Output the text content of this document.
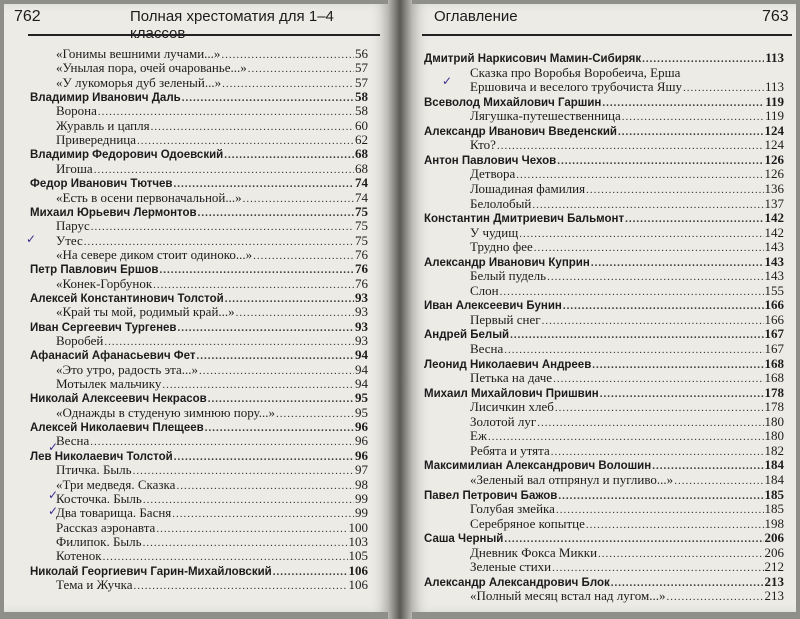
762	Полная хрестоматия для 1–4
«Гонимы вешними лучами...» .....	56
«Унылая пора, очей очарованье...» .....	57
«У лукоморья дуб зеленый...» .....	57
Владимир Иванович Даль .....	58
Ворона .....	58
Журавль и цапля .....	60
Привередница .....	62
Владимир Федорович Одоевский .....	68
Игоша .....	68
Федор Иванович Тютчев .....	74
«Есть в осени первоначальной...» .....	74
Михаил Юрьевич Лермонтов .....	75
Парус .....	75
Утес .....	75
«На севере диком стоит одиноко...» .....	76
Петр Павлович Ершов .....	76
«Конек-Горбунок .....	76
Алексей Константинович Толстой .....	93
«Край ты мой, родимый край...» .....	93
Иван Сергеевич Тургенев .....	93
Воробей .....	93
Афанасий Афанасьевич Фет .....	94
«Это утро, радость эта...» .....	94
Мотылек мальчику .....	94
Николай Алексеевич Некрасов .....	95
«Однажды в студеную зимнюю пору...» .....	95
Алексей Николаевич Плещеев .....	96
Весна .....	96
Лев Николаевич Толстой .....	96
Птичка. Быль .....	97
«Три медведя. Сказка .....	98
Косточка. Быль .....	99
Два товарища. Басня .....	99
Рассказ аэронавта .....	100
Филипок. Быль .....	103
Котенок .....	105
Николай Георгиевич Гарин-Михайловский .....	106
Тема и Жучка .....	106
✓
✓
✓
✓
Оглавление	763
Дмитрий Наркисович Мамин-Сибиряк .....	113
Сказка про Воробья Воробеича, Ерша
Ершовича и веселого трубочиста Яшу .....	113
Всеволод Михайлович Гаршин .....	119
Лягушка-путешественница .....	119
Александр Иванович Введенский .....	124
Кто? .....	124
Антон Павлович Чехов .....	126
Детвора .....	126
Лошадиная фамилия .....	136
Белолобый .....	137
Константин Дмитриевич Бальмонт .....	142
У чудищ .....	142
Трудно фее .....	143
Александр Иванович Куприн .....	143
Белый пудель .....	143
Слон .....	155
Иван Алексеевич Бунин .....	166
Первый снег .....	166
Андрей Белый .....	167
Весна .....	167
Леонид Николаевич Андреев .....	168
Петька на даче .....	168
Михаил Михайлович Пришвин .....	178
Лисичкин хлеб .....	178
Золотой луг .....	180
Еж .....	180
Ребята и утята .....	182
Максимилиан Александрович Волошин .....	184
«Зеленый вал отпрянул и пугливо...» .....	184
Павел Петрович Бажов .....	185
Голубая змейка .....	185
Серебряное копытце .....	198
Саша Черный .....	206
Дневник Фокса Микки .....	206
Зеленые стихи .....	212
Александр Александрович Блок .....	213
«Полный месяц встал над лугом...» .....	213
✓
